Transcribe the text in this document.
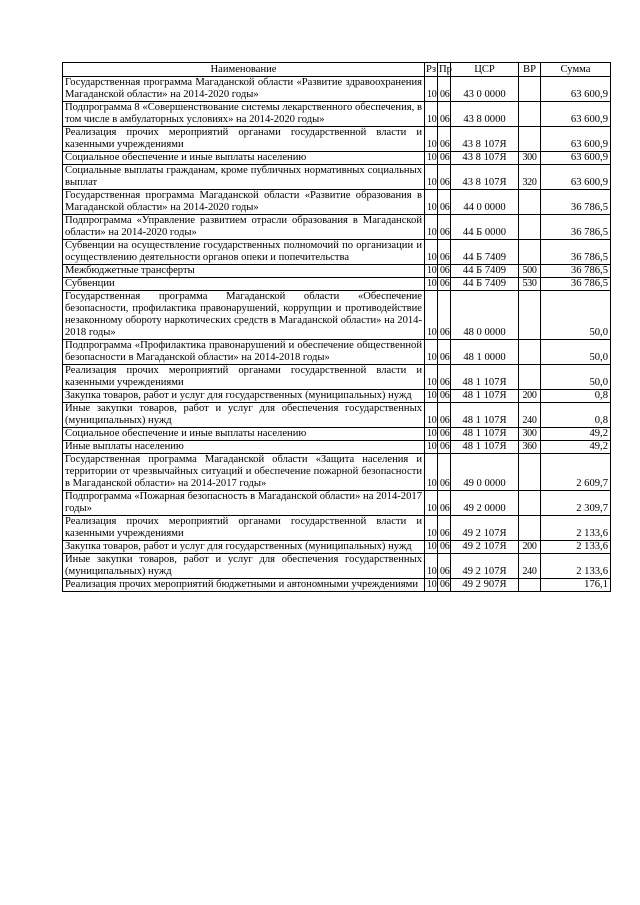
Наименование	Рз	Пр	ЦСР	ВР	Сумма
Государственная программа Магаданской области «Развитие здравоохранения Магаданской области» на 2014-2020 годы»	10	06	43 0 0000		63 600,9
Подпрограмма 8 «Совершенствование системы лекарственного обеспечения, в том числе в амбулаторных условиях» на 2014-2020 годы»	10	06	43 8 0000		63 600,9
Реализация прочих мероприятий органами государственной власти и казенными учреждениями	10	06	43 8 107Я		63 600,9
Социальное обеспечение и иные выплаты населению	10	06	43 8 107Я	300	63 600,9
Социальные выплаты гражданам, кроме публичных нормативных социальных выплат	10	06	43 8 107Я	320	63 600,9
Государственная программа Магаданской области «Развитие образования в Магаданской области» на 2014-2020 годы»	10	06	44 0 0000		36 786,5
Подпрограмма «Управление развитием отрасли образования в Магаданской области» на 2014-2020 годы»	10	06	44 Б 0000		36 786,5
Субвенции на осуществление государственных полномочий по организации и осуществлению деятельности органов опеки и попечительства	10	06	44 Б 7409		36 786,5
Межбюджетные трансферты	10	06	44 Б 7409	500	36 786,5
Субвенции	10	06	44 Б 7409	530	36 786,5
Государственная программа Магаданской области «Обеспечение безопасности, профилактика правонарушений, коррупции и противодействие незаконному обороту наркотических средств в Магаданской области» на 2014-2018 годы»	10	06	48 0 0000		50,0
Подпрограмма «Профилактика правонарушений и обеспечение общественной безопасности в Магаданской области» на 2014-2018 годы»	10	06	48 1 0000		50,0
Реализация прочих мероприятий органами государственной власти и казенными учреждениями	10	06	48 1 107Я		50,0
Закупка товаров, работ и услуг для государственных (муниципальных) нужд	10	06	48 1 107Я	200	0,8
Иные закупки товаров, работ и услуг для обеспечения государственных (муниципальных) нужд	10	06	48 1 107Я	240	0,8
Социальное обеспечение и иные выплаты населению	10	06	48 1 107Я	300	49,2
Иные выплаты населению	10	06	48 1 107Я	360	49,2
Государственная программа Магаданской области «Защита населения и территории от чрезвычайных ситуаций и обеспечение пожарной безопасности в Магаданской области» на 2014-2017 годы»	10	06	49 0 0000		2 609,7
Подпрограмма «Пожарная безопасность в Магаданской области» на 2014-2017 годы»	10	06	49 2 0000		2 309,7
Реализация прочих мероприятий органами государственной власти и казенными учреждениями	10	06	49 2 107Я		2 133,6
Закупка товаров, работ и услуг для государственных (муниципальных) нужд	10	06	49 2 107Я	200	2 133,6
Иные закупки товаров, работ и услуг для обеспечения государственных (муниципальных) нужд	10	06	49 2 107Я	240	2 133,6
Реализация прочих мероприятий бюджетными и автономными учреждениями	10	06	49 2 907Я		176,1
